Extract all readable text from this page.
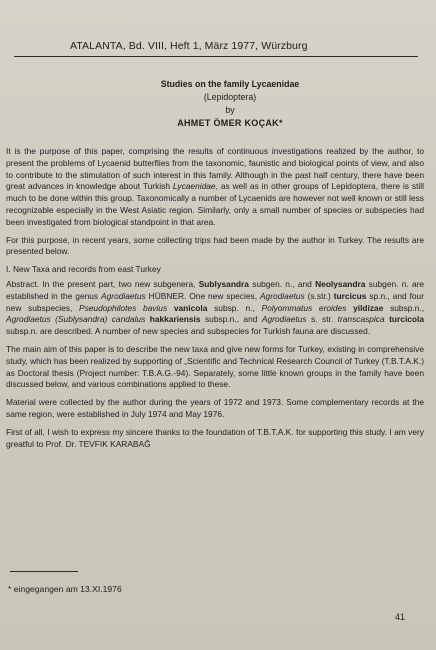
ATALANTA, Bd. VIII, Heft 1, März 1977, Würzburg
Studies on the family Lycaenidae
(Lepidoptera)
by
AHMET ÖMER KOÇAK*

It is the purpose of this paper, comprising the results of continuous investigations realized by the author, to present the problems of Lycaenid butterflies from the taxonomic, faunistic and biological points of view, and also to contribute to the stimulation of such interest in this family. Although in the past half century, there have been great advances in knowledge about Turkish Lycaenidae, as well as in other groups of Lepidoptera, there is still much to be done within this group. Taxonomically a number of Lycaenids are however not well known or still less recognizable especially in the West Asiatic region. Similarly, only a small number of species or subspecies had been investigated from biological standpoint in that area.

For this purpose, in recent years, some collecting trips had been made by the author in Turkey. The results are presented below.

I. New Taxa and records from east Turkey

Abstract. In the present part, two new subgenera, Sublysandra subgen. n., and Neolysandra subgen. n. are established in the genus Agrodiaetus HÜBNER. One new species, Agrodiaetus (s.str.) turcicus sp.n., and four new subspecies, Pseudophilotes bavius vanicola subsp. n., Polyommatus eroides yildizae subsp.n., Agrodiaetus (Sublysandra) candalus hakkariensis subsp.n., and Agrodiaetus s. str. transcaspica turcicola subsp.n. are described. A number of new species and subspecies for Turkish fauna are discussed.

The main aim of this paper is to describe the new taxa and give new forms for Turkey, existing in comprehensive study, which has been realized by supporting of „Scientific and Technical Research Council of Turkey (T.B.T.A.K.) as Doctoral thesis (Project number: T.B.A.G.-94). Separately, some little known groups in the family have been discussed below, and various combinations applied to these.

Material were collected by the author during the years of 1972 and 1973. Some complementary records at the same region, were established in July 1974 and May 1976.

First of all, I wish to express my sincere thanks to the foundation of T.B.T.A.K. for supporting this study. I am very greatful to Prof. Dr. TEVFIK KARABAĞ

* eingegangen am 13.XI.1976
41
